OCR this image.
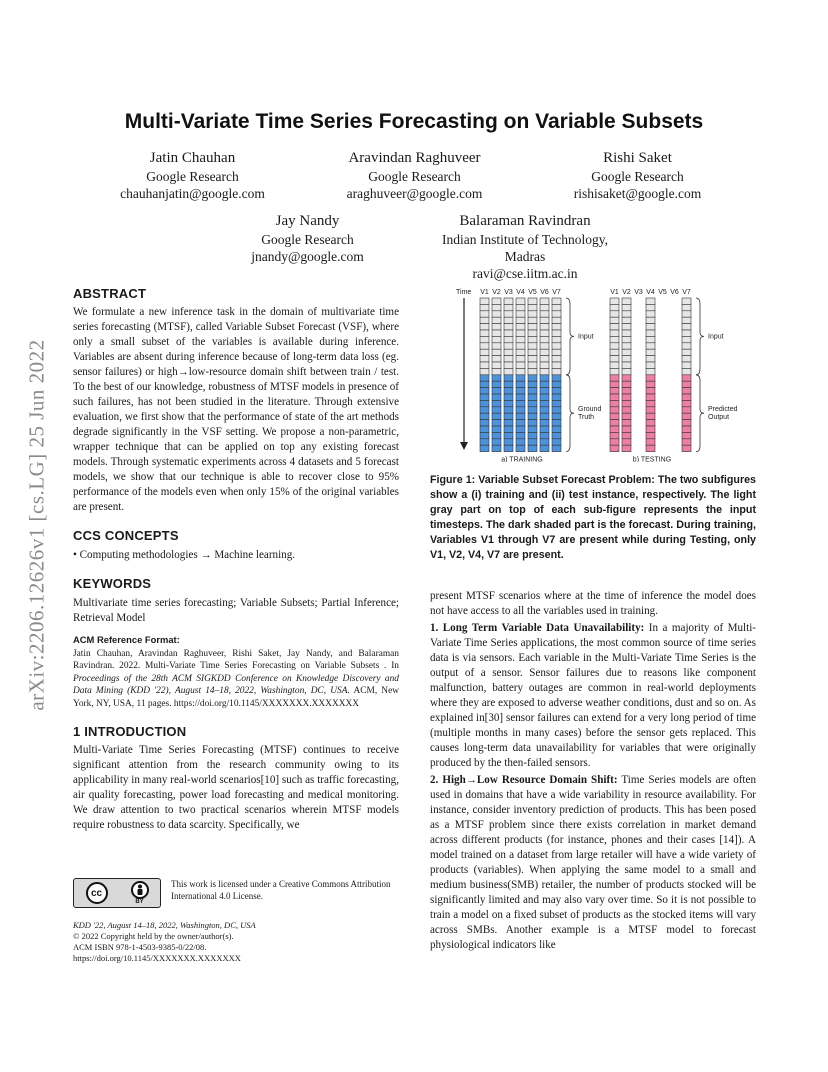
arXiv:2206.12626v1 [cs.LG] 25 Jun 2022
Multi-Variate Time Series Forecasting on Variable Subsets
Jatin Chauhan
Google Research
chauhanjatin@google.com
Aravindan Raghuveer
Google Research
araghuveer@google.com
Rishi Saket
Google Research
rishisaket@google.com
Jay Nandy
Google Research
jnandy@google.com
Balaraman Ravindran
Indian Institute of Technology,
Madras
ravi@cse.iitm.ac.in
ABSTRACT
We formulate a new inference task in the domain of multivariate time series forecasting (MTSF), called Variable Subset Forecast (VSF), where only a small subset of the variables is available during inference. Variables are absent during inference because of long-term data loss (eg. sensor failures) or high→low-resource domain shift between train / test. To the best of our knowledge, robustness of MTSF models in presence of such failures, has not been studied in the literature. Through extensive evaluation, we first show that the performance of state of the art methods degrade significantly in the VSF setting. We propose a non-parametric, wrapper technique that can be applied on top any existing forecast models. Through systematic experiments across 4 datasets and 5 forecast models, we show that our technique is able to recover close to 95% performance of the models even when only 15% of the original variables are present.
CCS CONCEPTS
• Computing methodologies → Machine learning.
KEYWORDS
Multivariate time series forecasting; Variable Subsets; Partial Inference; Retrieval Model
ACM Reference Format:
Jatin Chauhan, Aravindan Raghuveer, Rishi Saket, Jay Nandy, and Balaraman Ravindran. 2022. Multi-Variate Time Series Forecasting on Variable Subsets . In Proceedings of the 28th ACM SIGKDD Conference on Knowledge Discovery and Data Mining (KDD '22), August 14–18, 2022, Washington, DC, USA. ACM, New York, NY, USA, 11 pages. https://doi.org/10.1145/XXXXXXX.XXXXXXX
1 INTRODUCTION
Multi-Variate Time Series Forecasting (MTSF) continues to receive significant attention from the research community owing to its applicability in many real-world scenarios[10] such as traffic forecasting, air quality forecasting, power load forecasting and medical monitoring. We draw attention to two practical scenarios wherein MTSF models require robustness to data scarcity. Specifically, we
cc
BY
This work is licensed under a Creative Commons Attribution International 4.0 License.
KDD '22, August 14–18, 2022, Washington, DC, USA
© 2022 Copyright held by the owner/author(s).
ACM ISBN 978-1-4503-9385-0/22/08.
https://doi.org/10.1145/XXXXXXX.XXXXXXX
Time V1 V2 V3 V4 V5 V6 V7
Input
Ground
Truth
a) TRAINING
V1 V2 V3 V4 V5 V6 V7
Input
Predicted
Output
b) TESTING
Figure 1: Variable Subset Forecast Problem: The two subfigures show a (i) training and (ii) test instance, respectively. The light gray part on top of each sub-figure represents the input timesteps. The dark shaded part is the forecast. During training, Variables V1 through V7 are present while during Testing, only V1, V2, V4, V7 are present.
present MTSF scenarios where at the time of inference the model does not have access to all the variables used in training.
1. Long Term Variable Data Unavailability: In a majority of Multi-Variate Time Series applications, the most common source of time series data is via sensors. Each variable in the Multi-Variate Time Series is the output of a sensor. Sensor failures due to reasons like component malfunction, battery outages are common in real-world deployments where they are exposed to adverse weather conditions, dust and so on. As explained in[30] sensor failures can extend for a very long period of time (multiple months in many cases) before the sensor gets replaced. This causes long-term data unavailability for variables that were originally produced by the then-failed sensors.
2. High→Low Resource Domain Shift: Time Series models are often used in domains that have a wide variability in resource availability. For instance, consider inventory prediction of products. This has been posed as a MTSF problem since there exists correlation in market demand across different products (for instance, phones and their cases [14]). A model trained on a dataset from large retailer will have a wide variety of products (variables). When applying the same model to a small and medium business(SMB) retailer, the number of products stocked will be significantly limited and may also vary over time. So it is not possible to train a model on a fixed subset of products as the stocked items will vary across SMBs. Another example is a MTSF model to forecast physiological indicators like
